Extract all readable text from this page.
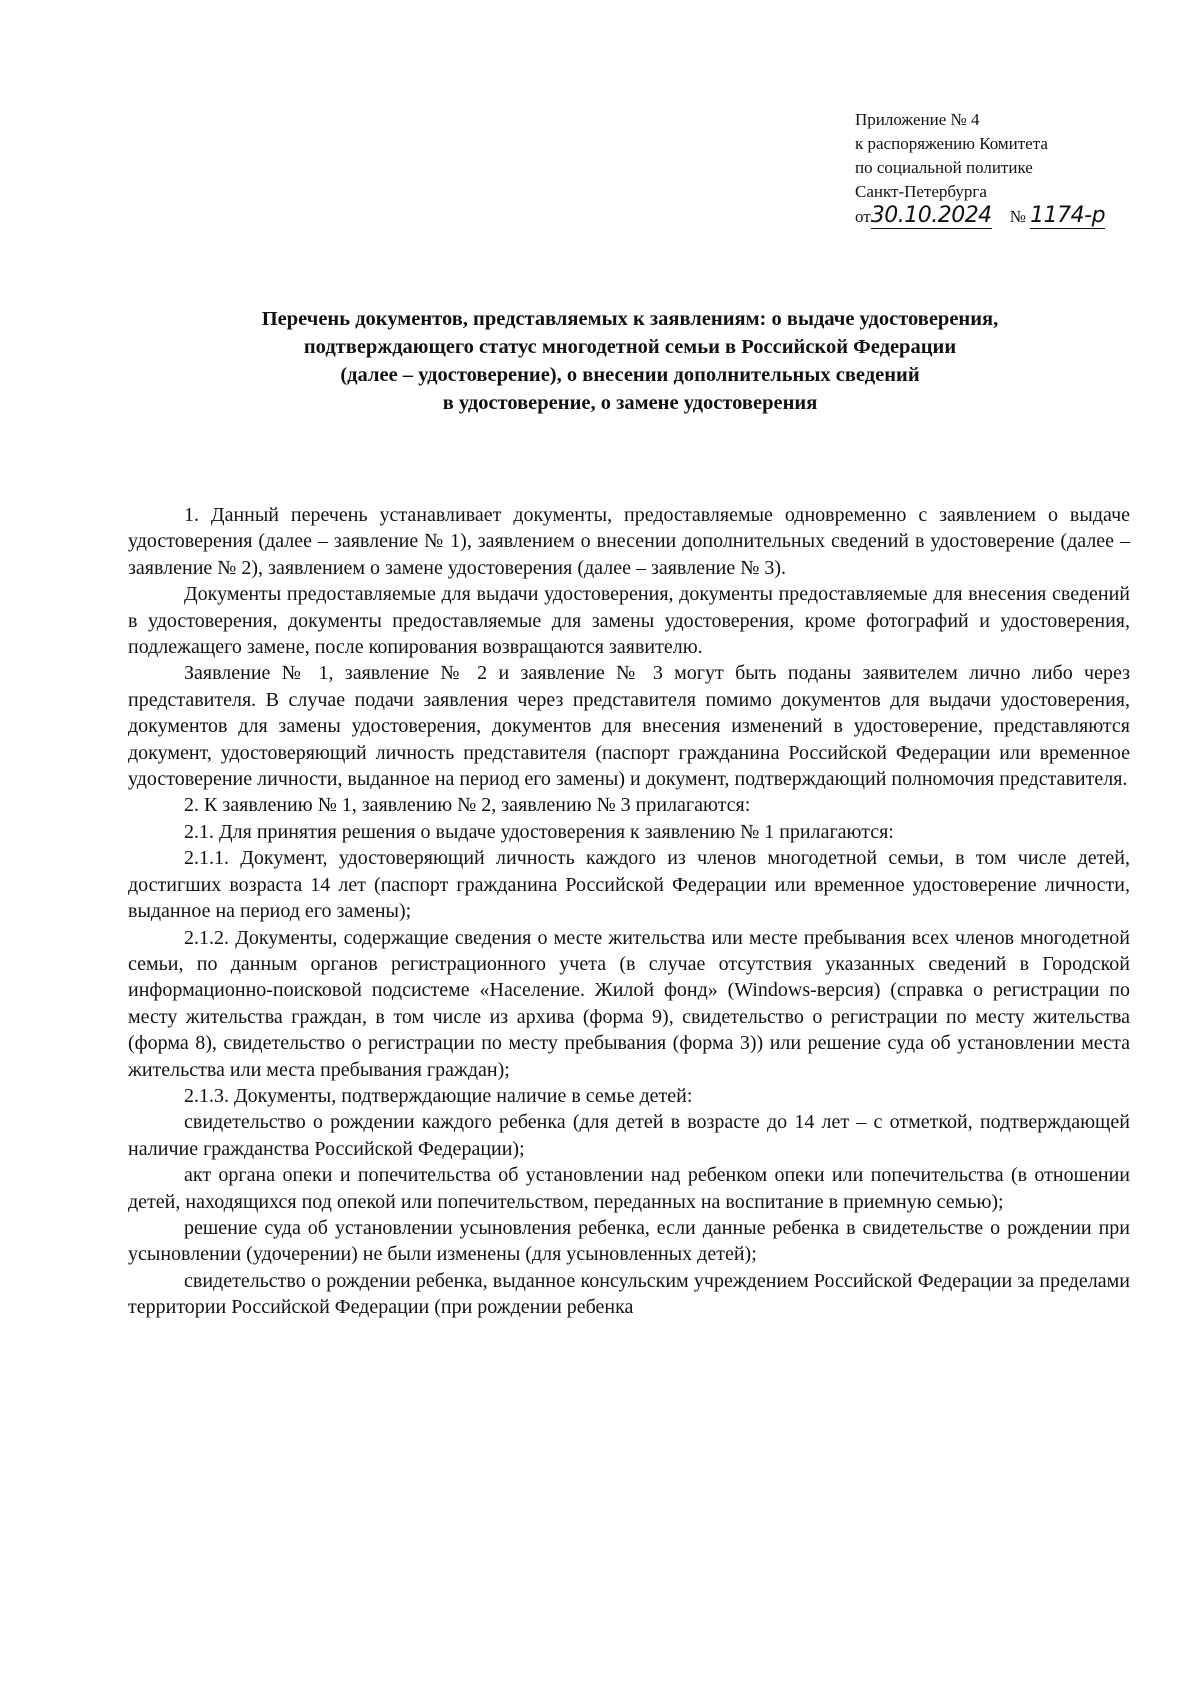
Приложение № 4
к распоряжению Комитета
по социальной политике
Санкт-Петербурга
от30.10.2024 № 1174-р
Перечень документов, представляемых к заявлениям: о выдаче удостоверения,
подтверждающего статус многодетной семьи в Российской Федерации
(далее – удостоверение), о внесении дополнительных сведений
в удостоверение, о замене удостоверения

1. Данный перечень устанавливает документы, предоставляемые одновременно с заявлением о выдаче удостоверения (далее – заявление № 1), заявлением о внесении дополнительных сведений в удостоверение (далее – заявление № 2), заявлением о замене удостоверения (далее – заявление № 3).

Документы предоставляемые для выдачи удостоверения, документы предоставляемые для внесения сведений в удостоверения, документы предоставляемые для замены удостоверения, кроме фотографий и удостоверения, подлежащего замене, после копирования возвращаются заявителю.

Заявление № 1, заявление № 2 и заявление № 3 могут быть поданы заявителем лично либо через представителя. В случае подачи заявления через представителя помимо документов для выдачи удостоверения, документов для замены удостоверения, документов для внесения изменений в удостоверение, представляются документ, удостоверяющий личность представителя (паспорт гражданина Российской Федерации или временное удостоверение личности, выданное на период его замены) и документ, подтверждающий полномочия представителя.

2. К заявлению № 1, заявлению № 2, заявлению № 3 прилагаются:

2.1. Для принятия решения о выдаче удостоверения к заявлению № 1 прилагаются:

2.1.1. Документ, удостоверяющий личность каждого из членов многодетной семьи, в том числе детей, достигших возраста 14 лет (паспорт гражданина Российской Федерации или временное удостоверение личности, выданное на период его замены);

2.1.2. Документы, содержащие сведения о месте жительства или месте пребывания всех членов многодетной семьи, по данным органов регистрационного учета (в случае отсутствия указанных сведений в Городской информационно-поисковой подсистеме «Население. Жилой фонд» (Windows-версия) (справка о регистрации по месту жительства граждан, в том числе из архива (форма 9), свидетельство о регистрации по месту жительства (форма 8), свидетельство о регистрации по месту пребывания (форма 3)) или решение суда об установлении места жительства или места пребывания граждан);

2.1.3. Документы, подтверждающие наличие в семье детей:

свидетельство о рождении каждого ребенка (для детей в возрасте до 14 лет – с отметкой, подтверждающей наличие гражданства Российской Федерации);

акт органа опеки и попечительства об установлении над ребенком опеки или попечительства (в отношении детей, находящихся под опекой или попечительством, переданных на воспитание в приемную семью);

решение суда об установлении усыновления ребенка, если данные ребенка в свидетельстве о рождении при усыновлении (удочерении) не были изменены (для усыновленных детей);

свидетельство о рождении ребенка, выданное консульским учреждением Российской Федерации за пределами территории Российской Федерации (при рождении ребенка
